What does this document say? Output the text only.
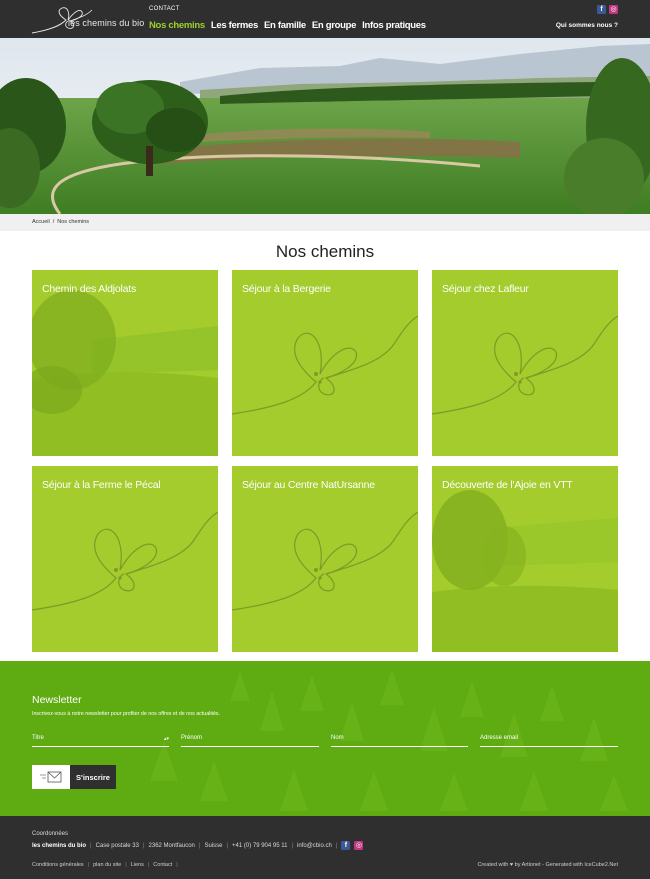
les chemins du bio
CONTACT
Nos chemins Les fermes En famille En groupe Infos pratiques
f	◎
Qui sommes nous ?
Accueil / Nos chemins
Nos chemins
Chemin des Aldjolats	Séjour à la Bergerie	Séjour chez Lafleur
Séjour à la Ferme le Pécal	Séjour au Centre NatUrsanne	Découverte de l'Ajoie en VTT
Newsletter
Inscrivez-vous à notre newsletter pour profiter de nos offres et de nos actualités.
Titre	▴▾ Prénom	Nom	Adresse email
S'inscrire
Coordonnées
les chemins du bio | Case postale 33 | 2362 Montfaucon | Suisse | +41 (0) 79 904 95 11 | info@cbio.ch |	f	◎
Conditions générales | plan du site | Liens | Contact |	Created with ♥ by Artionet - Generated with IceCube2.Net
